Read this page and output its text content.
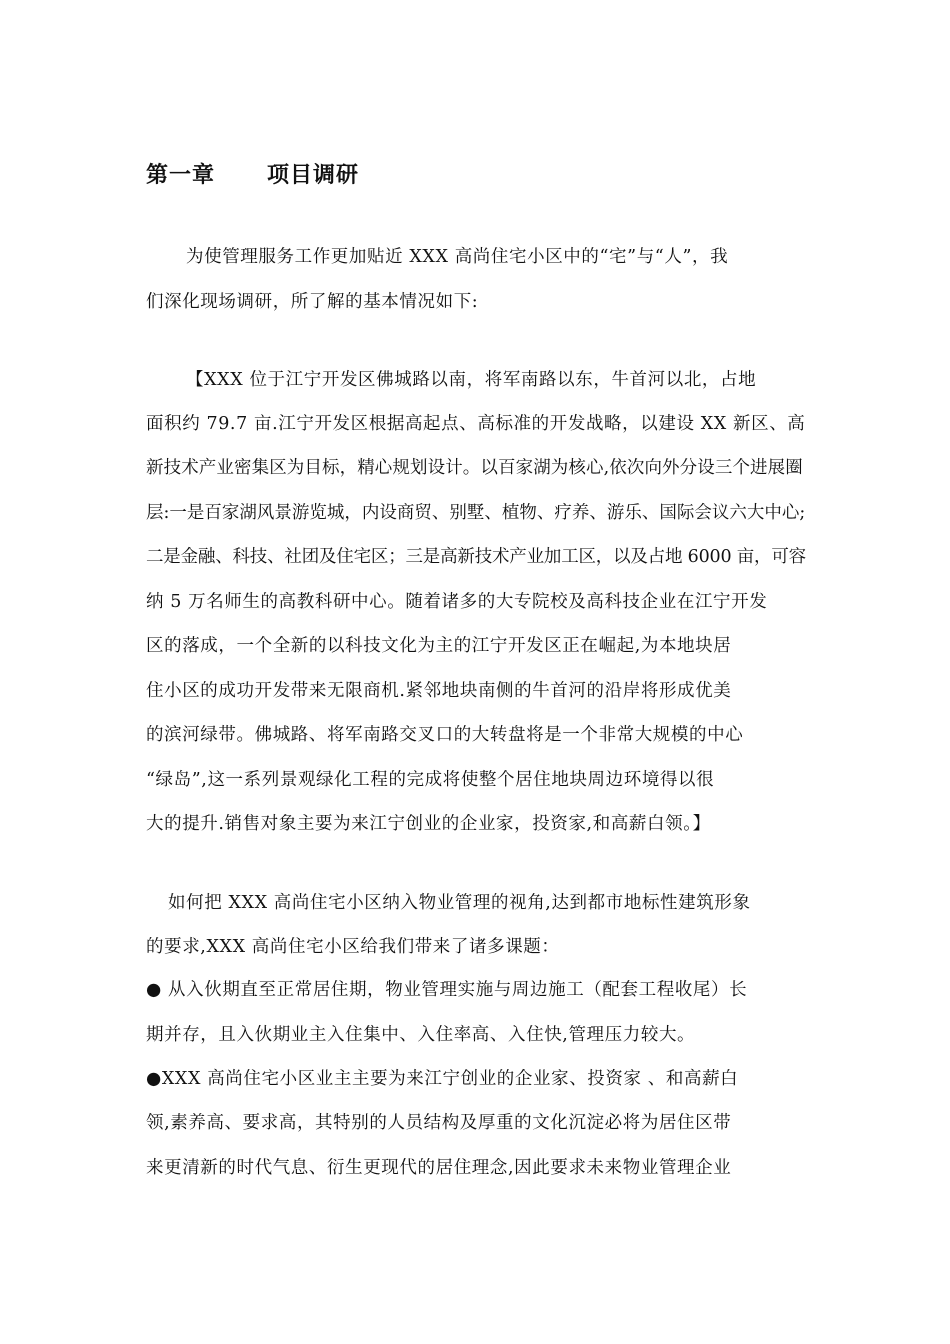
第一章 项目调研
为使管理服务工作更加贴近 XXX 高尚住宅小区中的“宅”与“人”，我
们深化现场调研，所了解的基本情况如下:
【XXX 位于江宁开发区佛城路以南，将军南路以东，牛首河以北，占地
面积约 79.7 亩.江宁开发区根据高起点、高标准的开发战略，以建设 XX 新区、高
新技术产业密集区为目标，精心规划设计。以百家湖为核心,依次向外分设三个进展圈
层:一是百家湖风景游览城，内设商贸、别墅、植物、疗养、游乐、国际会议六大中心;
二是金融、科技、社团及住宅区；三是高新技术产业加工区，以及占地 6000 亩，可容
纳 5 万名师生的高教科研中心。随着诸多的大专院校及高科技企业在江宁开发
区的落成，一个全新的以科技文化为主的江宁开发区正在崛起,为本地块居
住小区的成功开发带来无限商机.紧邻地块南侧的牛首河的沿岸将形成优美
的滨河绿带。佛城路、将军南路交叉口的大转盘将是一个非常大规模的中心
“绿岛”,这一系列景观绿化工程的完成将使整个居住地块周边环境得以很
大的提升.销售对象主要为来江宁创业的企业家，投资家,和高薪白领。】
如何把 XXX 高尚住宅小区纳入物业管理的视角,达到都市地标性建筑形象
的要求,XXX 高尚住宅小区给我们带来了诸多课题：
● 从入伙期直至正常居住期，物业管理实施与周边施工（配套工程收尾）长
期并存，且入伙期业主入住集中、入住率高、入住快,管理压力较大。
●XXX 高尚住宅小区业主主要为来江宁创业的企业家、投资家 、和高薪白
领,素养高、要求高，其特别的人员结构及厚重的文化沉淀必将为居住区带
来更清新的时代气息、衍生更现代的居住理念,因此要求未来物业管理企业
